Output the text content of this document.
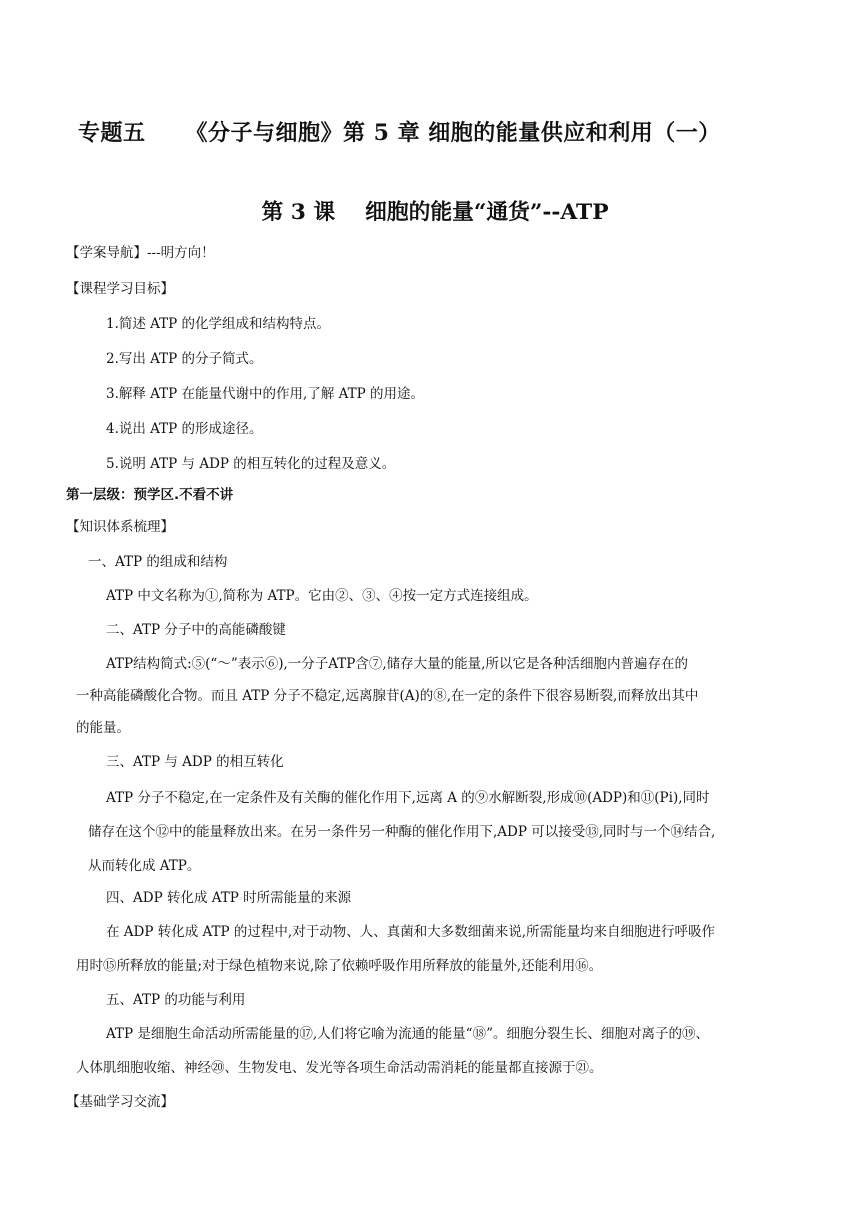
专题五 《分子与细胞》第 5 章 细胞的能量供应和利用（一）
第 3 课 细胞的能量“通货”--ATP
【学案导航】---明方向！
【课程学习目标】
1.简述 ATP 的化学组成和结构特点。
2.写出 ATP 的分子简式。
3.解释 ATP 在能量代谢中的作用,了解 ATP 的用途。
4.说出 ATP 的形成途径。
5.说明 ATP 与 ADP 的相互转化的过程及意义。
第一层级：预学区.不看不讲
【知识体系梳理】
一、ATP 的组成和结构
ATP 中文名称为①,简称为 ATP。它由②、③、④按一定方式连接组成。
二、ATP 分子中的高能磷酸键
ATP结构简式:⑤(“～”表示⑥),一分子ATP含⑦,储存大量的能量,所以它是各种活细胞内普遍存在的
一种高能磷酸化合物。而且 ATP 分子不稳定,远离腺苷(A)的⑧,在一定的条件下很容易断裂,而释放出其中
的能量。
三、ATP 与 ADP 的相互转化
ATP 分子不稳定,在一定条件及有关酶的催化作用下,远离 A 的⑨水解断裂,形成⑩(ADP)和⑪(Pi),同时
储存在这个⑫中的能量释放出来。在另一条件另一种酶的催化作用下,ADP 可以接受⑬,同时与一个⑭结合,
从而转化成 ATP。
四、ADP 转化成 ATP 时所需能量的来源
在 ADP 转化成 ATP 的过程中,对于动物、人、真菌和大多数细菌来说,所需能量均来自细胞进行呼吸作
用时⑮所释放的能量;对于绿色植物来说,除了依赖呼吸作用所释放的能量外,还能利用⑯。
五、ATP 的功能与利用
ATP 是细胞生命活动所需能量的⑰,人们将它喻为流通的能量“⑱”。细胞分裂生长、细胞对离子的⑲、
人体肌细胞收缩、神经⑳、生物发电、发光等各项生命活动需消耗的能量都直接源于㉑。
【基础学习交流】
